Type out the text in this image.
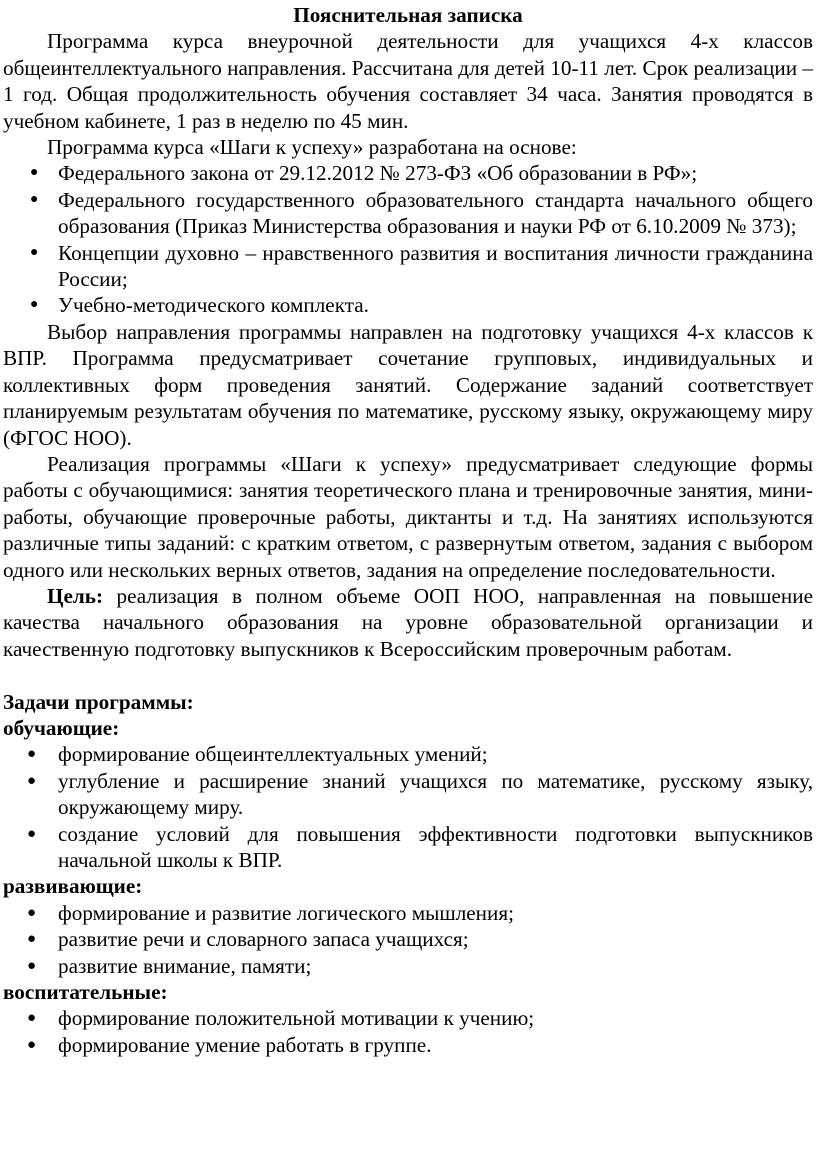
Пояснительная записка

Программа курса внеурочной деятельности для учащихся 4-х классов общеинтеллектуального направления. Рассчитана для детей 10-11 лет. Срок реализации – 1 год. Общая продолжительность обучения составляет 34 часа. Занятия проводятся в учебном кабинете, 1 раз в неделю по 45 мин.

Программа курса «Шаги к успеху» разработана на основе:

● Федерального закона от 29.12.2012 № 273-ФЗ «Об образовании в РФ»;
● Федерального государственного образовательного стандарта начального общего образования (Приказ Министерства образования и науки РФ от 6.10.2009 № 373);
● Концепции духовно – нравственного развития и воспитания личности гражданина России;
● Учебно-методического комплекта.

Выбор направления программы направлен на подготовку учащихся 4-х классов к ВПР. Программа предусматривает сочетание групповых, индивидуальных и коллективных форм проведения занятий. Содержание заданий соответствует планируемым результатам обучения по математике, русскому языку, окружающему миру (ФГОС НОО).

Реализация программы «Шаги к успеху» предусматривает следующие формы работы с обучающимися: занятия теоретического плана и тренировочные занятия, мини-работы, обучающие проверочные работы, диктанты и т.д. На занятиях используются различные типы заданий: с кратким ответом, с развернутым ответом, задания с выбором одного или нескольких верных ответов, задания на определение последовательности.

Цель: реализация в полном объеме ООП НОО, направленная на повышение качества начального образования на уровне образовательной организации и качественную подготовку выпускников к Всероссийским проверочным работам.

Задачи программы:

обучающие:

● формирование общеинтеллектуальных умений;
● углубление и расширение знаний учащихся по математике, русскому языку, окружающему миру.
● создание условий для повышения эффективности подготовки выпускников начальной школы к ВПР.

развивающие:

● формирование и развитие логического мышления;
● развитие речи и словарного запаса учащихся;
● развитие внимание, памяти;

воспитательные:

● формирование положительной мотивации к учению;
● формирование умение работать в группе.
